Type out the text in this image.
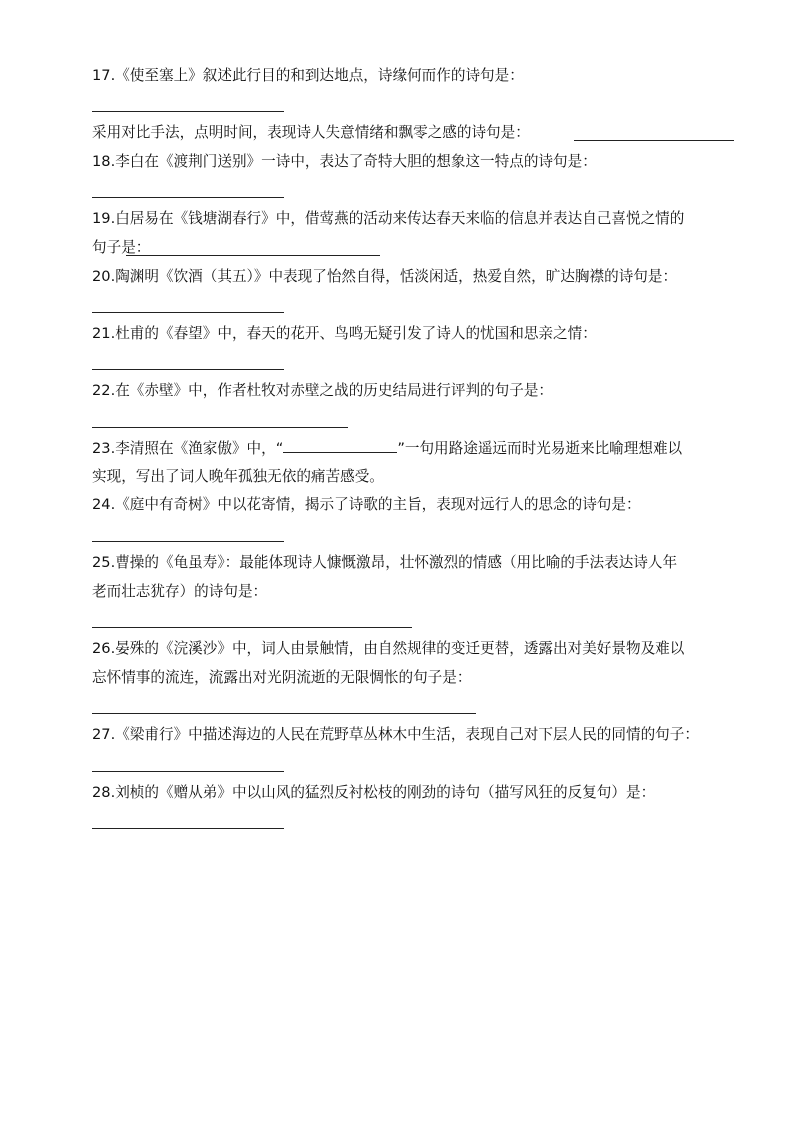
17.《使至塞上》叙述此行目的和到达地点，诗缘何而作的诗句是：
采用对比手法，点明时间，表现诗人失意情绪和飘零之感的诗句是：
18.李白在《渡荆门送别》一诗中，表达了奇特大胆的想象这一特点的诗句是：
19.白居易在《钱塘湖春行》中，借莺燕的活动来传达春天来临的信息并表达自己喜悦之情的
句子是：
20.陶渊明《饮酒（其五）》中表现了怡然自得，恬淡闲适，热爱自然，旷达胸襟的诗句是：
21.杜甫的《春望》中，春天的花开、鸟鸣无疑引发了诗人的忧国和思亲之情：
22.在《赤壁》中，作者杜牧对赤壁之战的历史结局进行评判的句子是：
23.李清照在《渔家傲》中，“	”一句用路途遥远而时光易逝来比喻理想难以
实现，写出了词人晚年孤独无依的痛苦感受。
24.《庭中有奇树》中以花寄情，揭示了诗歌的主旨，表现对远行人的思念的诗句是：
25.曹操的《龟虽寿》：最能体现诗人慷慨激昂，壮怀激烈的情感（用比喻的手法表达诗人年
老而壮志犹存）的诗句是：
26.晏殊的《浣溪沙》中，词人由景触情，由自然规律的变迁更替，透露出对美好景物及难以
忘怀情事的流连，流露出对光阴流逝的无限惆怅的句子是：
27.《梁甫行》中描述海边的人民在荒野草丛林木中生活，表现自己对下层人民的同情的句子：
28.刘桢的《赠从弟》中以山风的猛烈反衬松枝的刚劲的诗句（描写风狂的反复句）是：
